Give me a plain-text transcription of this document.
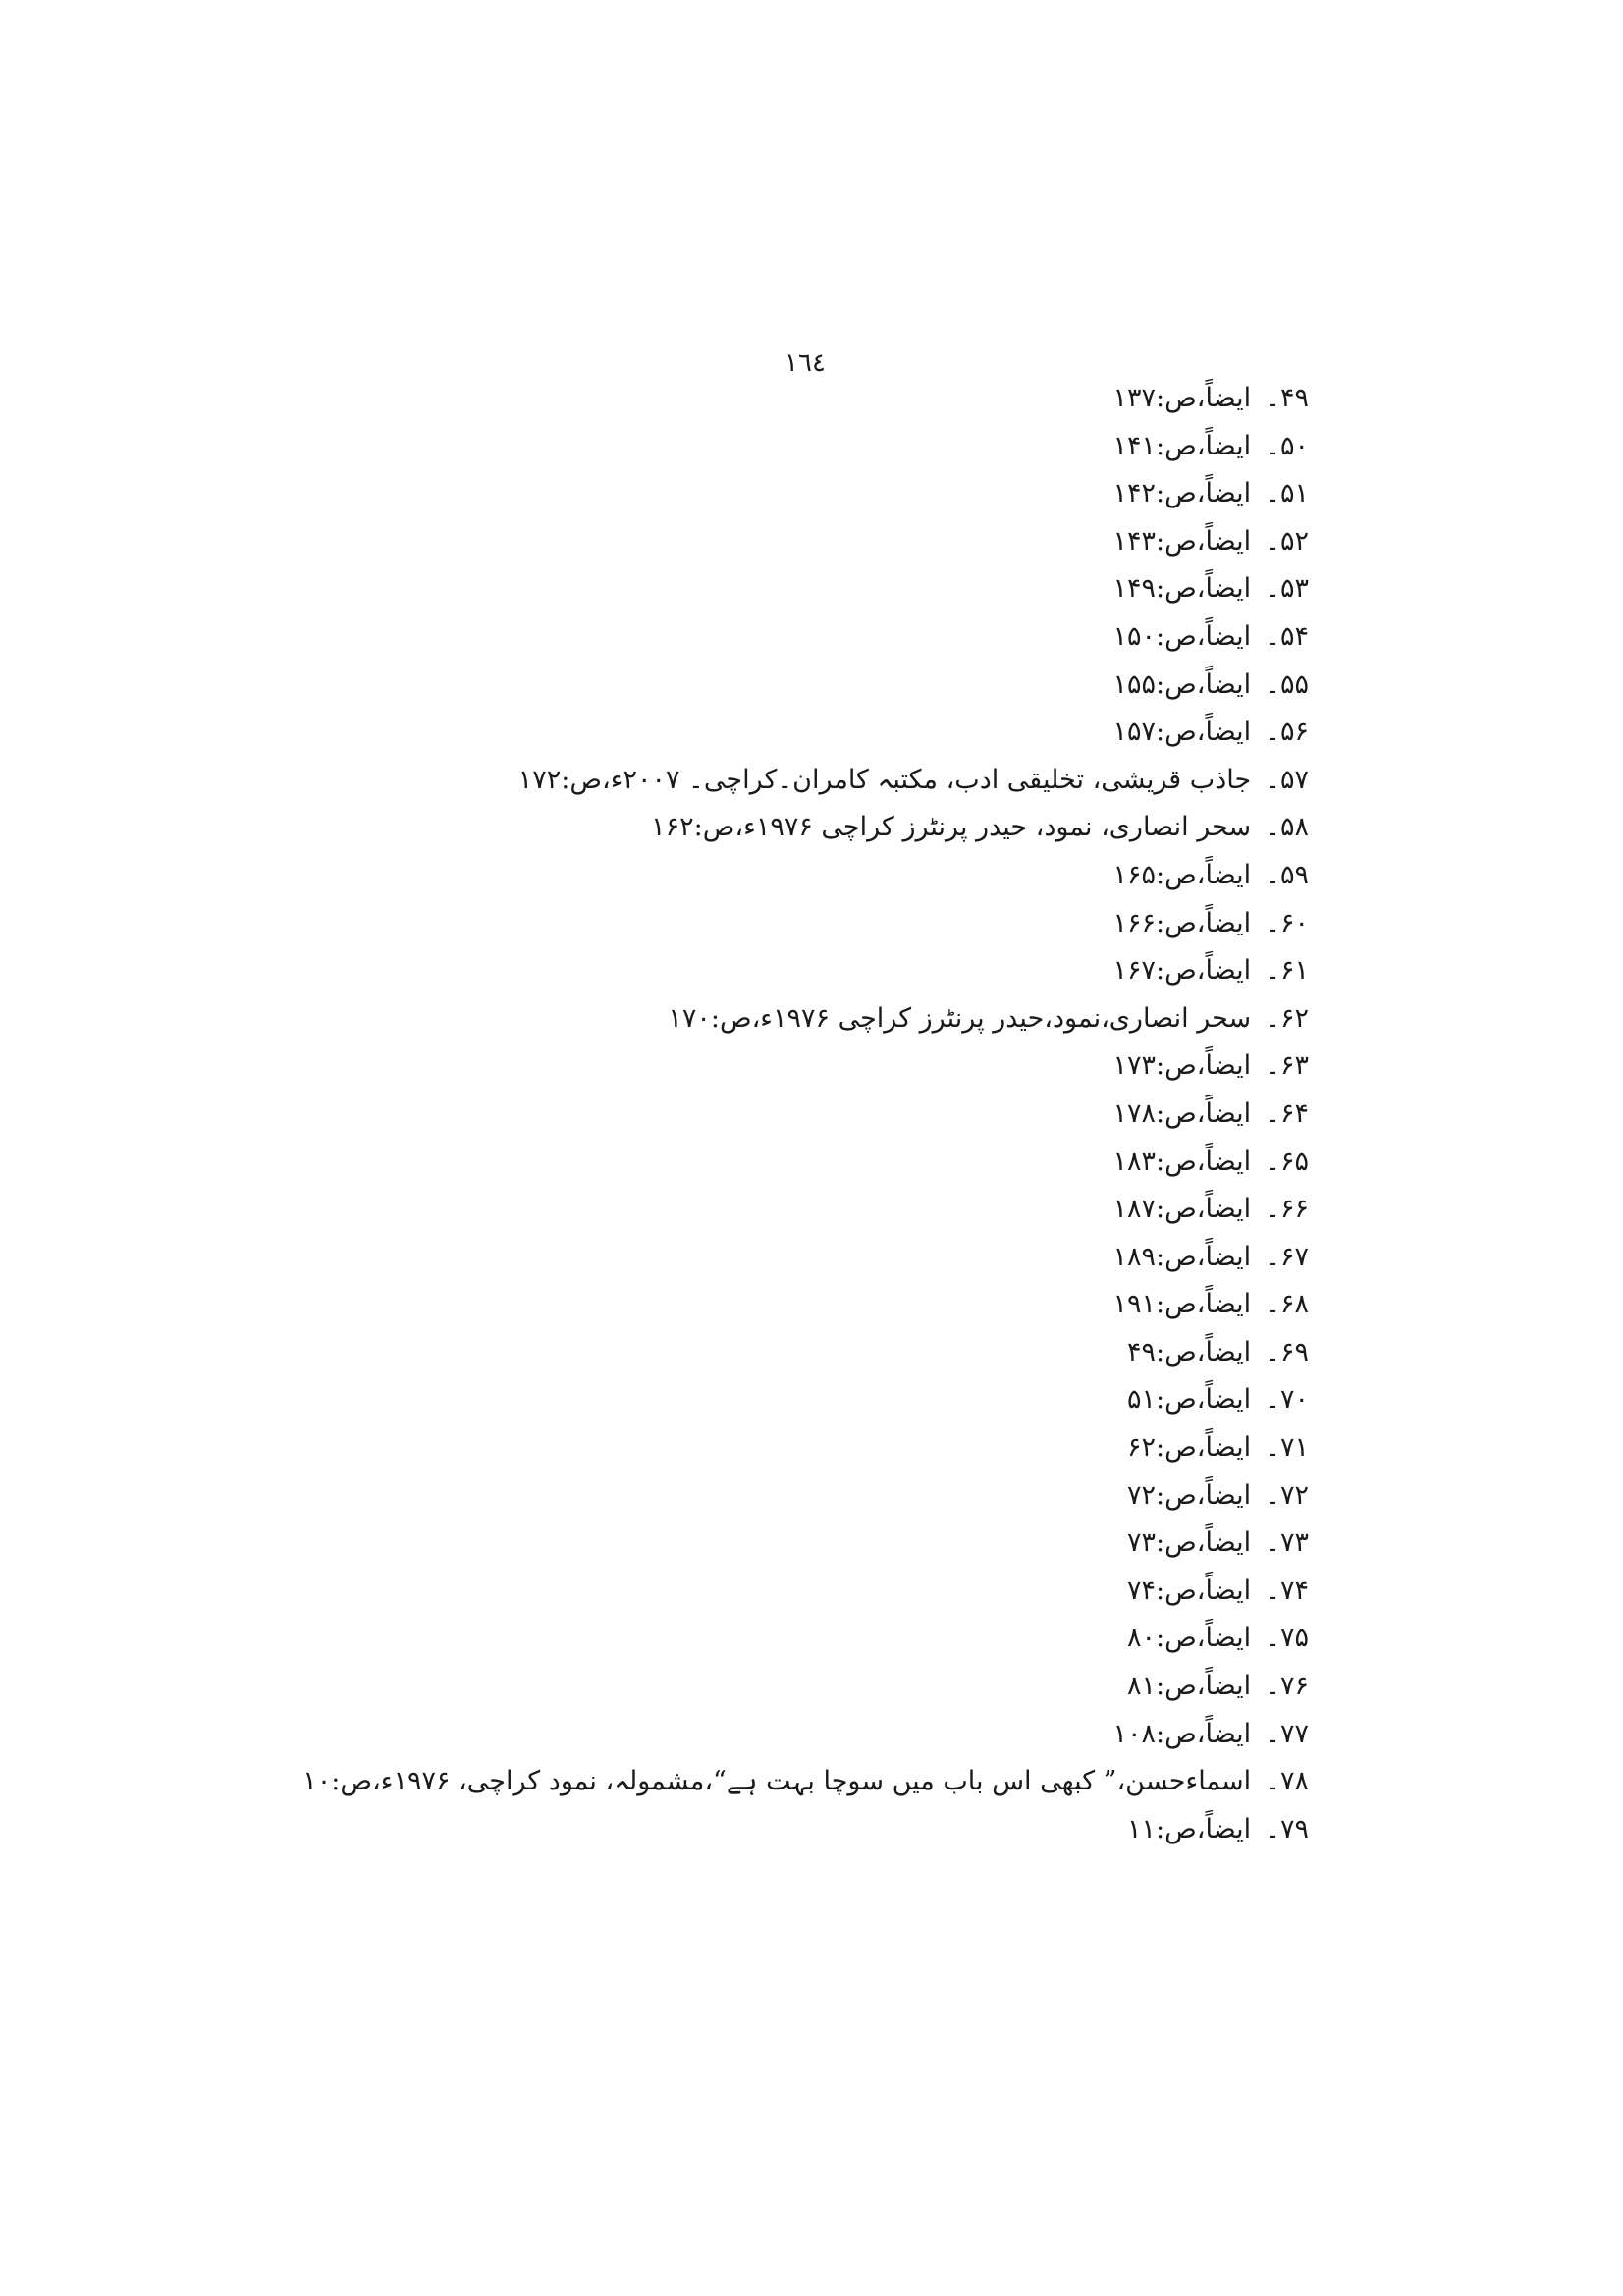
١٦٤
۴۹۔ایضاً،ص:۱۳۷
۵۰۔ایضاً،ص:۱۴۱
۵۱۔ایضاً،ص:۱۴۲
۵۲۔ایضاً،ص:۱۴۳
۵۳۔ایضاً،ص:۱۴۹
۵۴۔ایضاً،ص:۱۵۰
۵۵۔ایضاً،ص:۱۵۵
۵۶۔ایضاً،ص:۱۵۷
۵۷۔جاذب قریشی، تخلیقی ادب، مکتبہ کامران۔کراچی۔ ۲۰۰۷ء،ص:۱۷۲
۵۸۔سحر انصاری، نمود، حیدر پرنٹرز کراچی ۱۹۷۶ء،ص:۱۶۲
۵۹۔ایضاً،ص:۱۶۵
۶۰۔ایضاً،ص:۱۶۶
۶۱۔ایضاً،ص:۱۶۷
۶۲۔سحر انصاری،نمود،حیدر پرنٹرز کراچی ۱۹۷۶ء،ص:۱۷۰
۶۳۔ایضاً،ص:۱۷۳
۶۴۔ایضاً،ص:۱۷۸
۶۵۔ایضاً،ص:۱۸۳
۶۶۔ایضاً،ص:۱۸۷
۶۷۔ایضاً،ص:۱۸۹
۶۸۔ایضاً،ص:۱۹۱
۶۹۔ایضاً،ص:۴۹
۷۰۔ایضاً،ص:۵۱
۷۱۔ایضاً،ص:۶۲
۷۲۔ایضاً،ص:۷۲
۷۳۔ایضاً،ص:۷۳
۷۴۔ایضاً،ص:۷۴
۷۵۔ایضاً،ص:۸۰
۷۶۔ایضاً،ص:۸۱
۷۷۔ایضاً،ص:۱۰۸
۷۸۔اسماءحسن،” کبھی اس باب میں سوچا بہت ہے“،مشمولہ، نمود کراچی، ۱۹۷۶ء،ص:۱۰
۷۹۔ایضاً،ص:۱۱
